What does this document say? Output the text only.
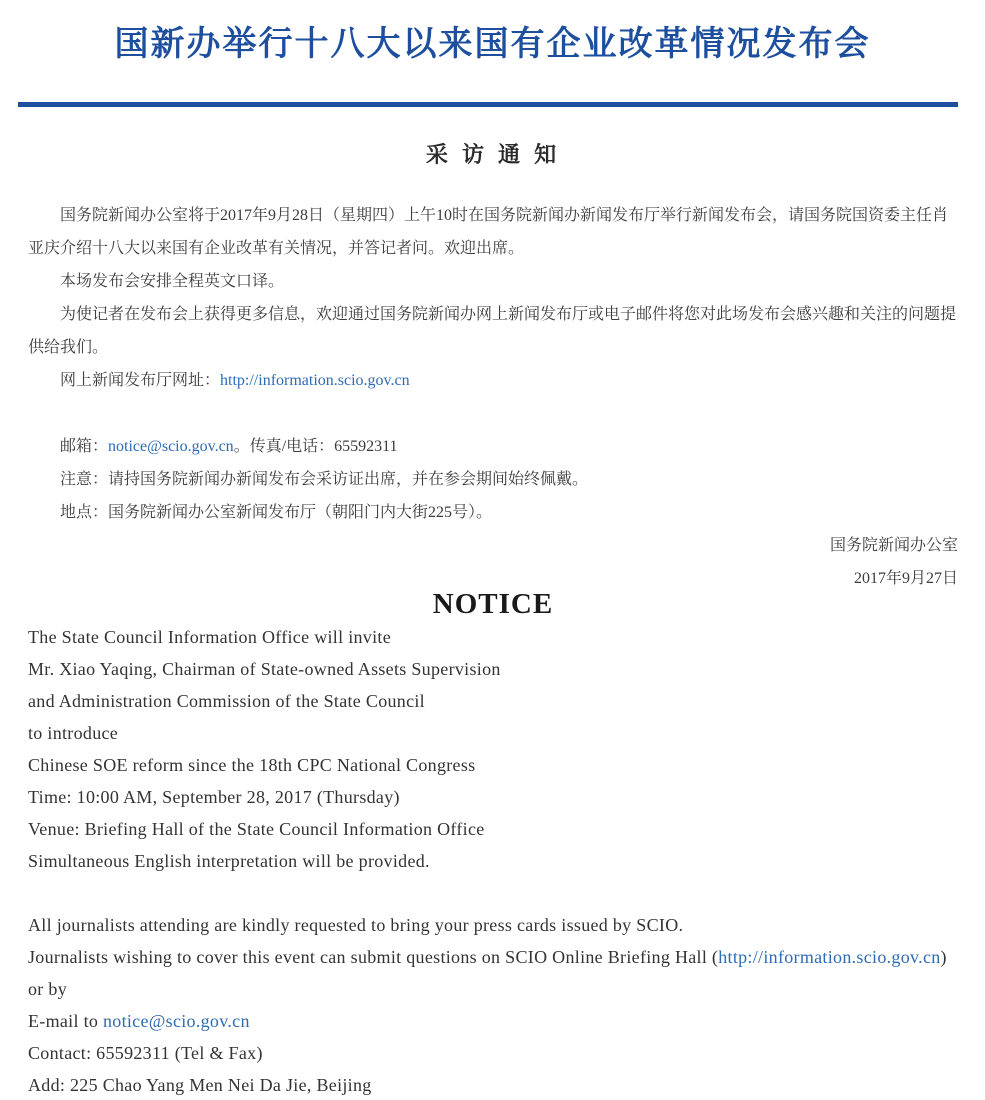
国新办举行十八大以来国有企业改革情况发布会
采 访 通 知

国务院新闻办公室将于2017年9月28日（星期四）上午10时在国务院新闻办新闻发布厅举行新闻发布会，请国务院国资委主任肖亚庆介绍十八大以来国有企业改革有关情况，并答记者问。欢迎出席。

本场发布会安排全程英文口译。

为使记者在发布会上获得更多信息，欢迎通过国务院新闻办网上新闻发布厅或电子邮件将您对此场发布会感兴趣和关注的问题提供给我们。

网上新闻发布厅网址：http://information.scio.gov.cn

邮箱：notice@scio.gov.cn。传真/电话：65592311

注意：请持国务院新闻办新闻发布会采访证出席，并在参会期间始终佩戴。

地点：国务院新闻办公室新闻发布厅（朝阳门内大街225号）。

国务院新闻办公室

2017年9月27日

NOTICE

The State Council Information Office will invite

Mr. Xiao Yaqing, Chairman of State-owned Assets Supervision

and Administration Commission of the State Council

to introduce

Chinese SOE reform since the 18th CPC National Congress

Time: 10:00 AM, September 28, 2017 (Thursday)

Venue: Briefing Hall of the State Council Information Office

Simultaneous English interpretation will be provided.

All journalists attending are kindly requested to bring your press cards issued by SCIO.

Journalists wishing to cover this event can submit questions on SCIO Online Briefing Hall (http://information.scio.gov.cn) or by

E-mail to notice@scio.gov.cn

Contact: 65592311 (Tel & Fax)

Add: 225 Chao Yang Men Nei Da Jie, Beijing
